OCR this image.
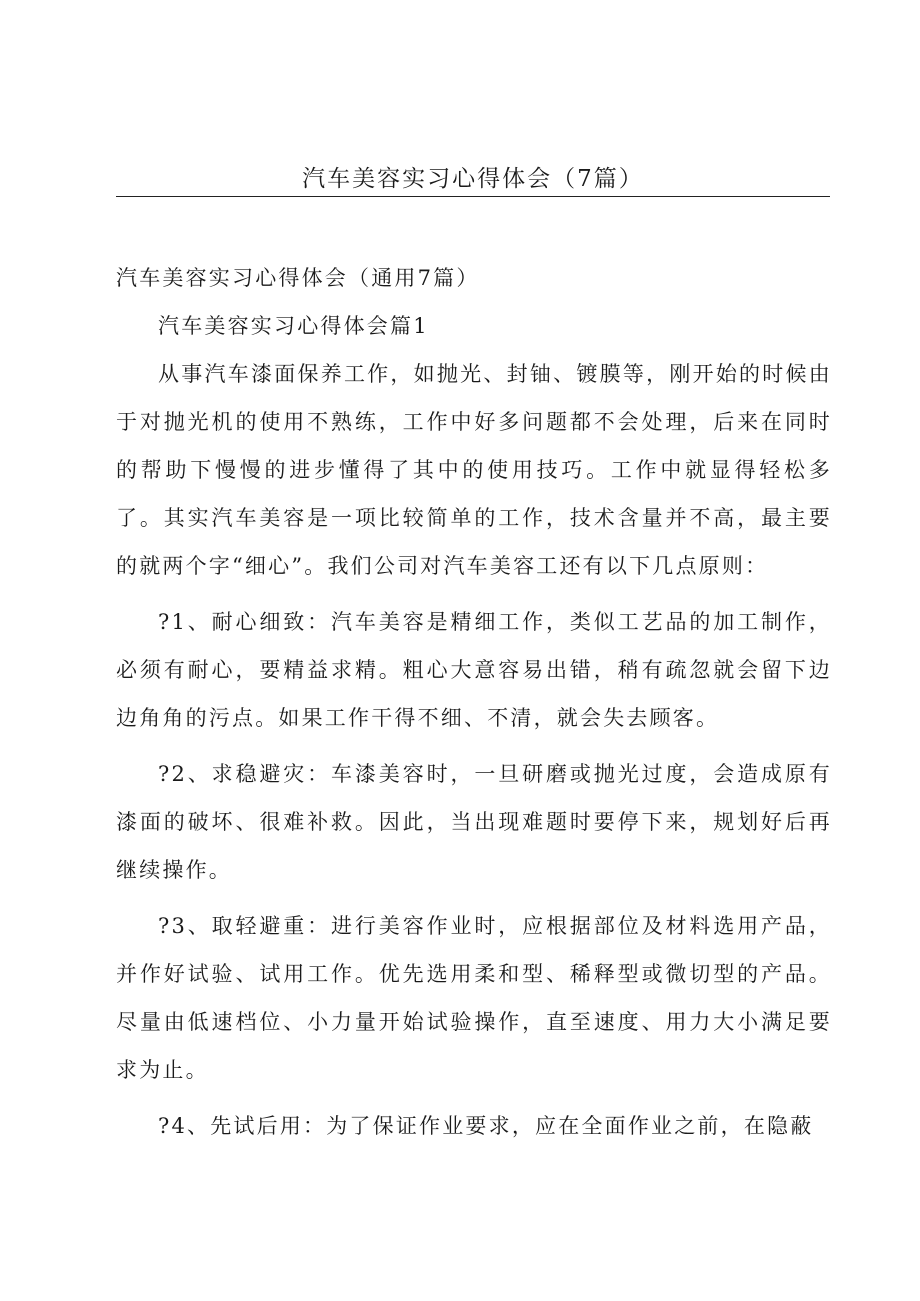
汽车美容实习心得体会（7篇）

汽车美容实习心得体会（通用7篇）

汽车美容实习心得体会篇1

从事汽车漆面保养工作，如抛光、封铀、镀膜等，刚开始的时候由于对抛光机的使用不熟练，工作中好多问题都不会处理，后来在同时的帮助下慢慢的进步懂得了其中的使用技巧。工作中就显得轻松多了。其实汽车美容是一项比较简单的工作，技术含量并不高，最主要的就两个字“细心”。我们公司对汽车美容工还有以下几点原则：

?1、耐心细致：汽车美容是精细工作，类似工艺品的加工制作，必须有耐心，要精益求精。粗心大意容易出错，稍有疏忽就会留下边边角角的污点。如果工作干得不细、不清，就会失去顾客。

?2、求稳避灾：车漆美容时，一旦研磨或抛光过度，会造成原有漆面的破坏、很难补救。因此，当出现难题时要停下来，规划好后再继续操作。

?3、取轻避重：进行美容作业时，应根据部位及材料选用产品，并作好试验、试用工作。优先选用柔和型、稀释型或微切型的产品。尽量由低速档位、小力量开始试验操作，直至速度、用力大小满足要求为止。

?4、先试后用：为了保证作业要求，应在全面作业之前，在隐蔽
